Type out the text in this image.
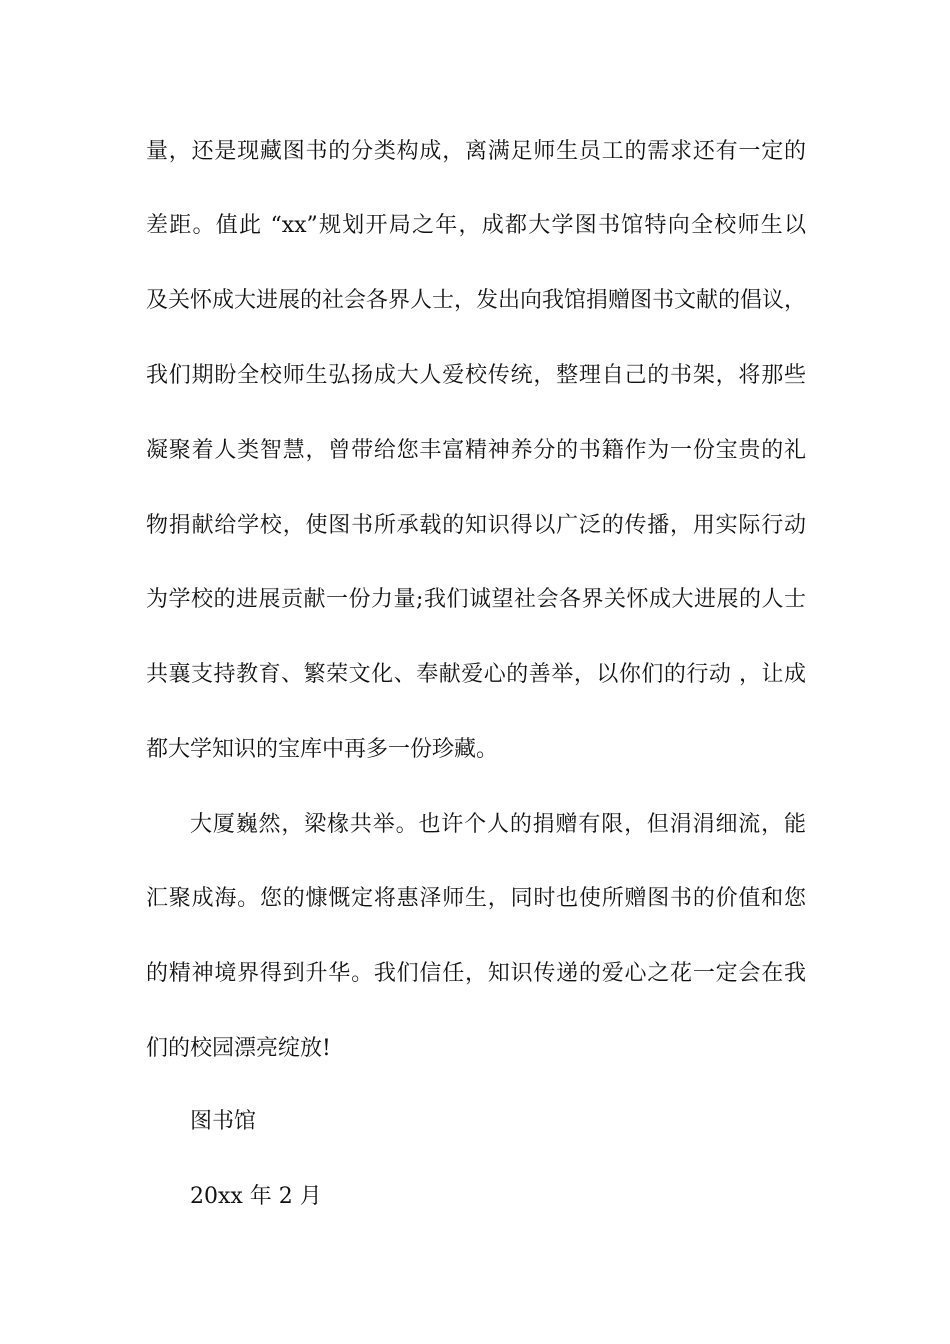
量，还是现藏图书的分类构成，离满足师生员工的需求还有一定的
差距。值此 “xx”规划开局之年，成都大学图书馆特向全校师生以
及关怀成大进展的社会各界人士，发出向我馆捐赠图书文献的倡议，
我们期盼全校师生弘扬成大人爱校传统，整理自己的书架，将那些
凝聚着人类智慧，曾带给您丰富精神养分的书籍作为一份宝贵的礼
物捐献给学校，使图书所承载的知识得以广泛的传播，用实际行动
为学校的进展贡献一份力量;我们诚望社会各界关怀成大进展的人士
共襄支持教育、繁荣文化、奉献爱心的善举，以你们的行动 ，让成
都大学知识的宝库中再多一份珍藏。
大厦巍然，梁椽共举。也许个人的捐赠有限，但涓涓细流，能
汇聚成海。您的慷慨定将惠泽师生，同时也使所赠图书的价值和您
的精神境界得到升华。我们信任，知识传递的爱心之花一定会在我
们的校园漂亮绽放!
图书馆
20xx 年 2 月
